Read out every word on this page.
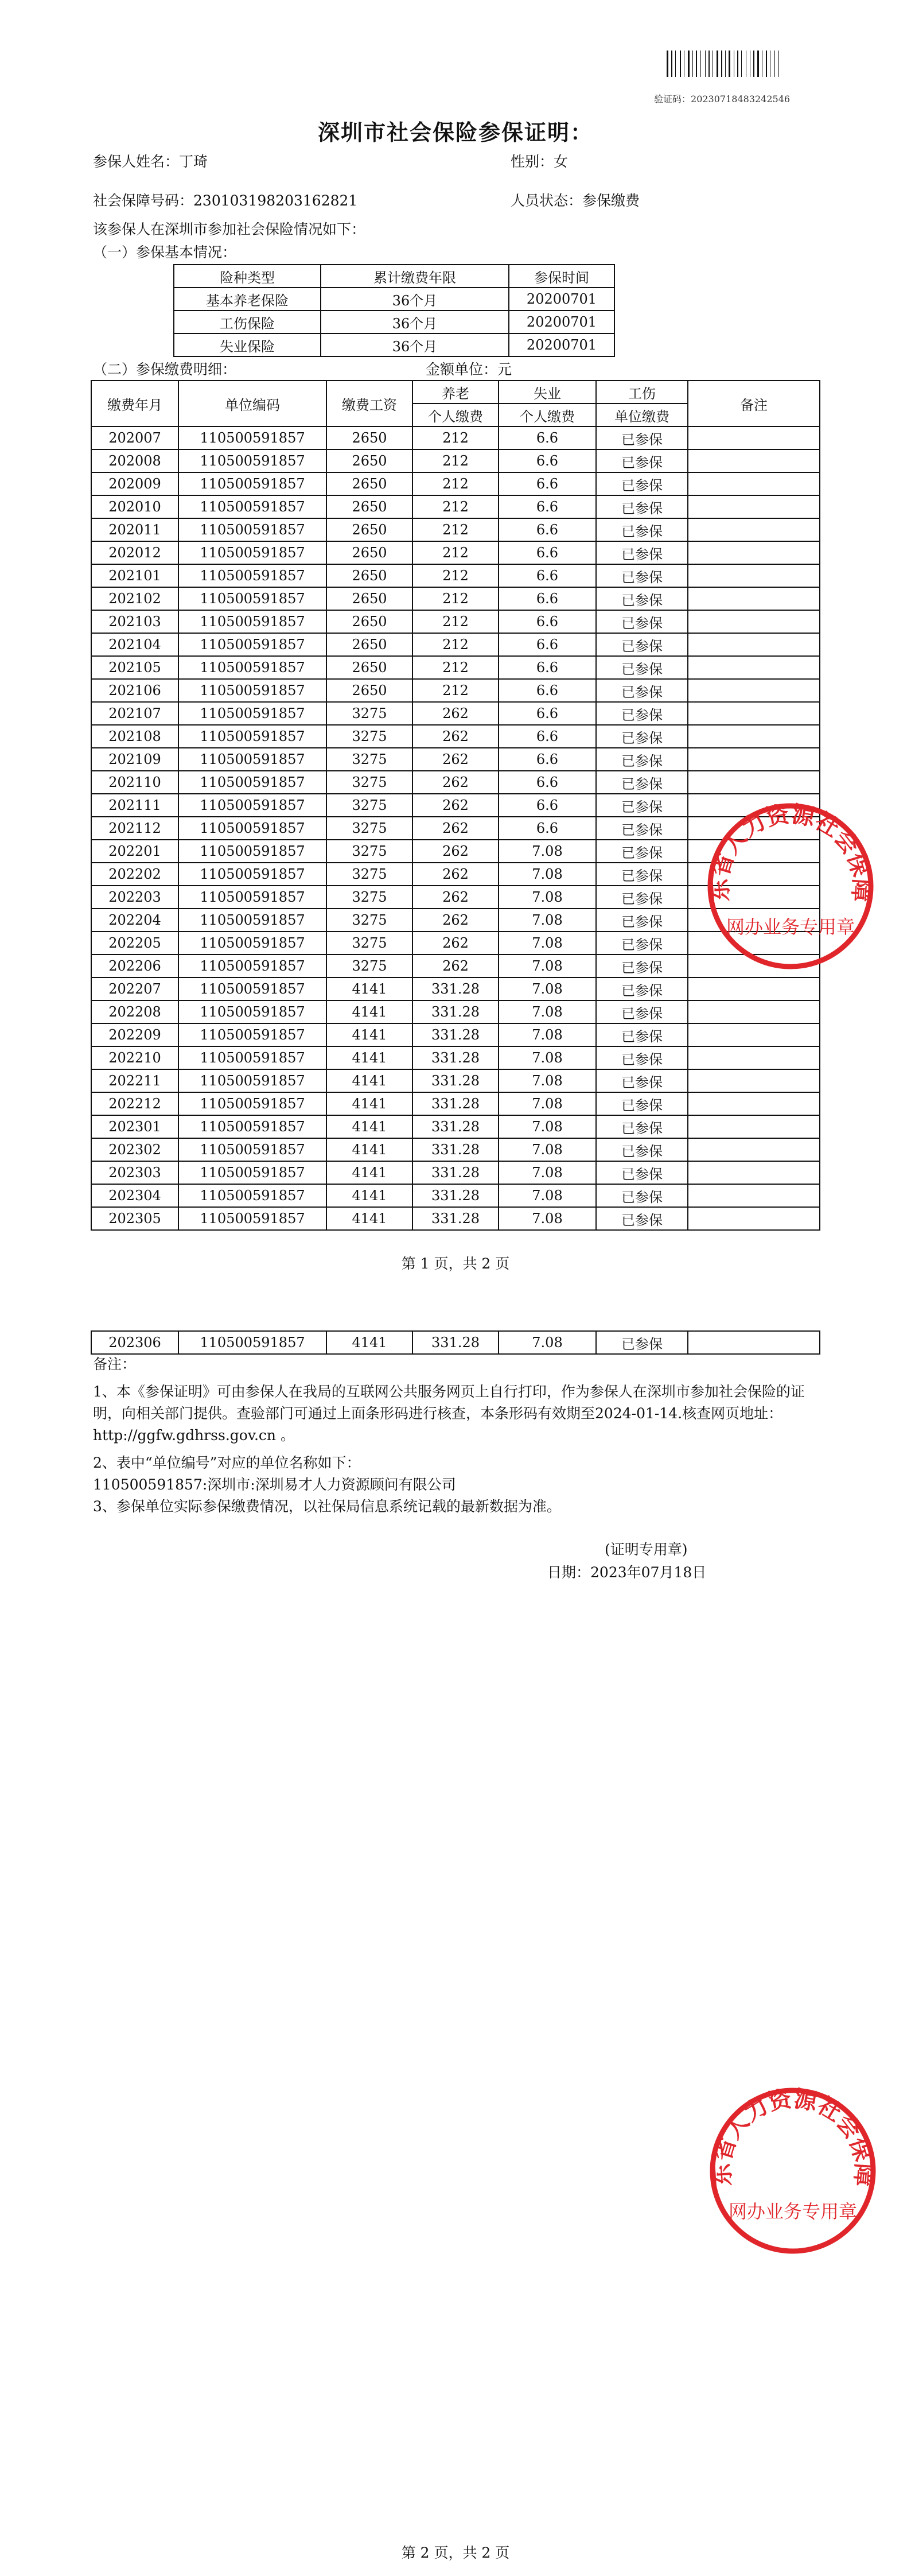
验证码：20230718483242546
深圳市社会保险参保证明：
参保人姓名：丁琦	性别：女
社会保障号码：230103198203162821	人员状态：参保缴费
该参保人在深圳市参加社会保险情况如下：
（一）参保基本情况：
险种类型	累计缴费年限	参保时间
基本养老保险	36个月	20200701
工伤保险	36个月	20200701
失业保险	36个月	20200701
（二）参保缴费明细：	金额单位：元
缴费年月	单位编码	缴费工资	养老	失业	工伤	备注
			个人缴费	个人缴费	单位缴费	
202007	110500591857	2650	212	6.6	已参保	
202008	110500591857	2650	212	6.6	已参保	
202009	110500591857	2650	212	6.6	已参保	
202010	110500591857	2650	212	6.6	已参保	
202011	110500591857	2650	212	6.6	已参保	
202012	110500591857	2650	212	6.6	已参保	
202101	110500591857	2650	212	6.6	已参保	
202102	110500591857	2650	212	6.6	已参保	
202103	110500591857	2650	212	6.6	已参保	
202104	110500591857	2650	212	6.6	已参保	
202105	110500591857	2650	212	6.6	已参保	
202106	110500591857	2650	212	6.6	已参保	
202107	110500591857	3275	262	6.6	已参保	
202108	110500591857	3275	262	6.6	已参保	
202109	110500591857	3275	262	6.6	已参保	
202110	110500591857	3275	262	6.6	已参保	
202111	110500591857	3275	262	6.6	已参保	
202112	110500591857	3275	262	6.6	已参保	
202201	110500591857	3275	262	7.08	已参保	
202202	110500591857	3275	262	7.08	已参保	
202203	110500591857	3275	262	7.08	已参保	
202204	110500591857	3275	262	7.08	已参保	
202205	110500591857	3275	262	7.08	已参保	
202206	110500591857	3275	262	7.08	已参保	
202207	110500591857	4141	331.28	7.08	已参保	
202208	110500591857	4141	331.28	7.08	已参保	
202209	110500591857	4141	331.28	7.08	已参保	
202210	110500591857	4141	331.28	7.08	已参保	
202211	110500591857	4141	331.28	7.08	已参保	
202212	110500591857	4141	331.28	7.08	已参保	
202301	110500591857	4141	331.28	7.08	已参保	
202302	110500591857	4141	331.28	7.08	已参保	
202303	110500591857	4141	331.28	7.08	已参保	
202304	110500591857	4141	331.28	7.08	已参保	
202305	110500591857	4141	331.28	7.08	已参保	
第 1 页，共 2 页
202306	110500591857	4141	331.28	7.08	已参保	
备注：
1、本《参保证明》可由参保人在我局的互联网公共服务网页上自行打印，作为参保人在深圳市参加社会保险的证明，向相关部门提供。查验部门可通过上面条形码进行核查，本条形码有效期至2024-01-14.核查网页地址：http://ggfw.gdhrss.gov.cn 。
2、表中“单位编号”对应的单位名称如下：
110500591857:深圳市:深圳易才人力资源顾问有限公司
3、参保单位实际参保缴费情况，以社保局信息系统记载的最新数据为准。
(证明专用章)
日期：2023年07月18日
东省人力资源社会保障
网办业务专用章
东省人力资源社会保障
网办业务专用章
第 2 页，共 2 页
